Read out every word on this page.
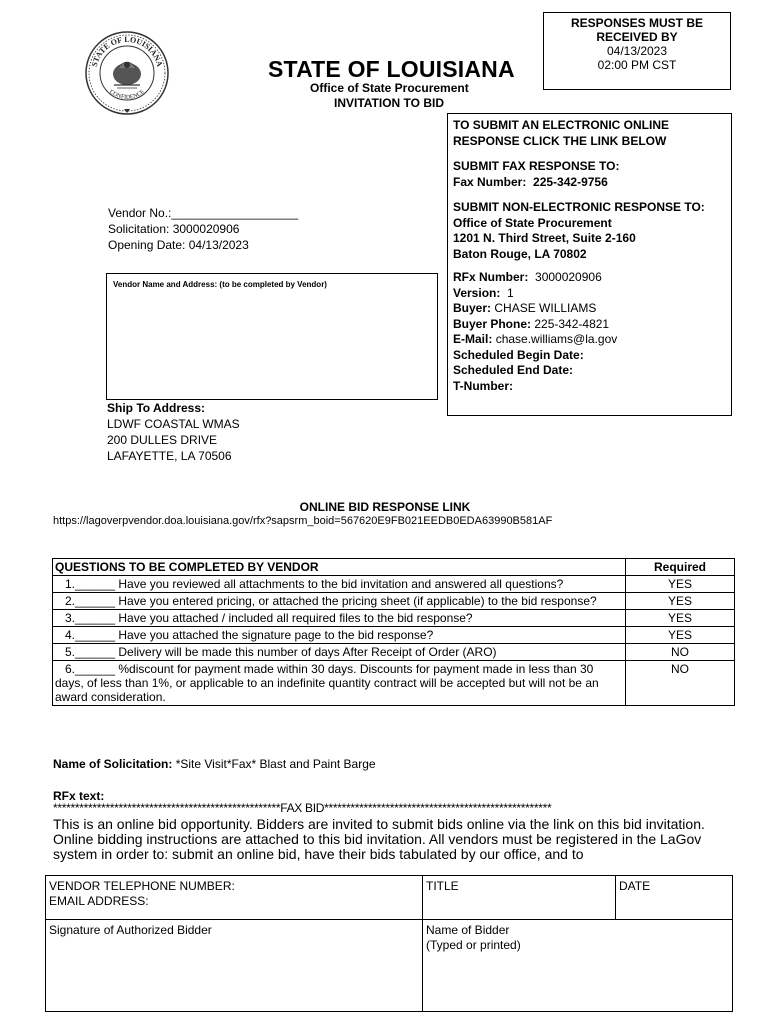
STATE OF LOUISIANA
CONFIDENCE
STATE OF LOUISIANA
Office of State Procurement
INVITATION TO BID
RESPONSES MUST BE
RECEIVED BY
04/13/2023
02:00 PM CST
TO SUBMIT AN ELECTRONIC ONLINE
RESPONSE CLICK THE LINK BELOW
SUBMIT FAX RESPONSE TO:
Fax Number: 225-342-9756
SUBMIT NON-ELECTRONIC RESPONSE TO:
Office of State Procurement
1201 N. Third Street, Suite 2-160
Baton Rouge, LA 70802
RFx Number: 3000020906
Version: 1
Buyer: CHASE WILLIAMS
Buyer Phone: 225-342-4821
E-Mail: chase.williams@la.gov
Scheduled Begin Date:
Scheduled End Date:
T-Number:
Vendor No.:___________________
Solicitation: 3000020906
Opening Date: 04/13/2023
Vendor Name and Address: (to be completed by Vendor)
Ship To Address:
LDWF COASTAL WMAS
200 DULLES DRIVE
LAFAYETTE, LA 70506
ONLINE BID RESPONSE LINK
https://lagoverpvendor.doa.louisiana.gov/rfx?sapsrm_boid=567620E9FB021EEDB0EDA63990B581AF
QUESTIONS TO BE COMPLETED BY VENDOR	Required

1.______ Have you reviewed all attachments to the bid invitation and answered all questions?	YES

2.______ Have you entered pricing, or attached the pricing sheet (if applicable) to the bid response?	YES

3.______ Have you attached / included all required files to the bid response?	YES

4.______ Have you attached the signature page to the bid response?	YES

5.______ Delivery will be made this number of days After Receipt of Order (ARO)	NO

6.______ %discount for payment made within 30 days. Discounts for payment made in less than 30 days, of less than 1%, or applicable to an indefinite quantity contract will be accepted but will not be an award consideration.	NO
Name of Solicitation: *Site Visit*Fax* Blast and Paint Barge
RFx text:
****************************************************FAX BID****************************************************
This is an online bid opportunity. Bidders are invited to submit bids online via the link on this bid invitation. Online bidding instructions are attached to this bid invitation. All vendors must be registered in the LaGov system in order to: submit an online bid, have their bids tabulated by our office, and to
VENDOR TELEPHONE NUMBER:
EMAIL ADDRESS:	TITLE	DATE

Signature of Authorized Bidder	Name of Bidder
(Typed or printed)	
